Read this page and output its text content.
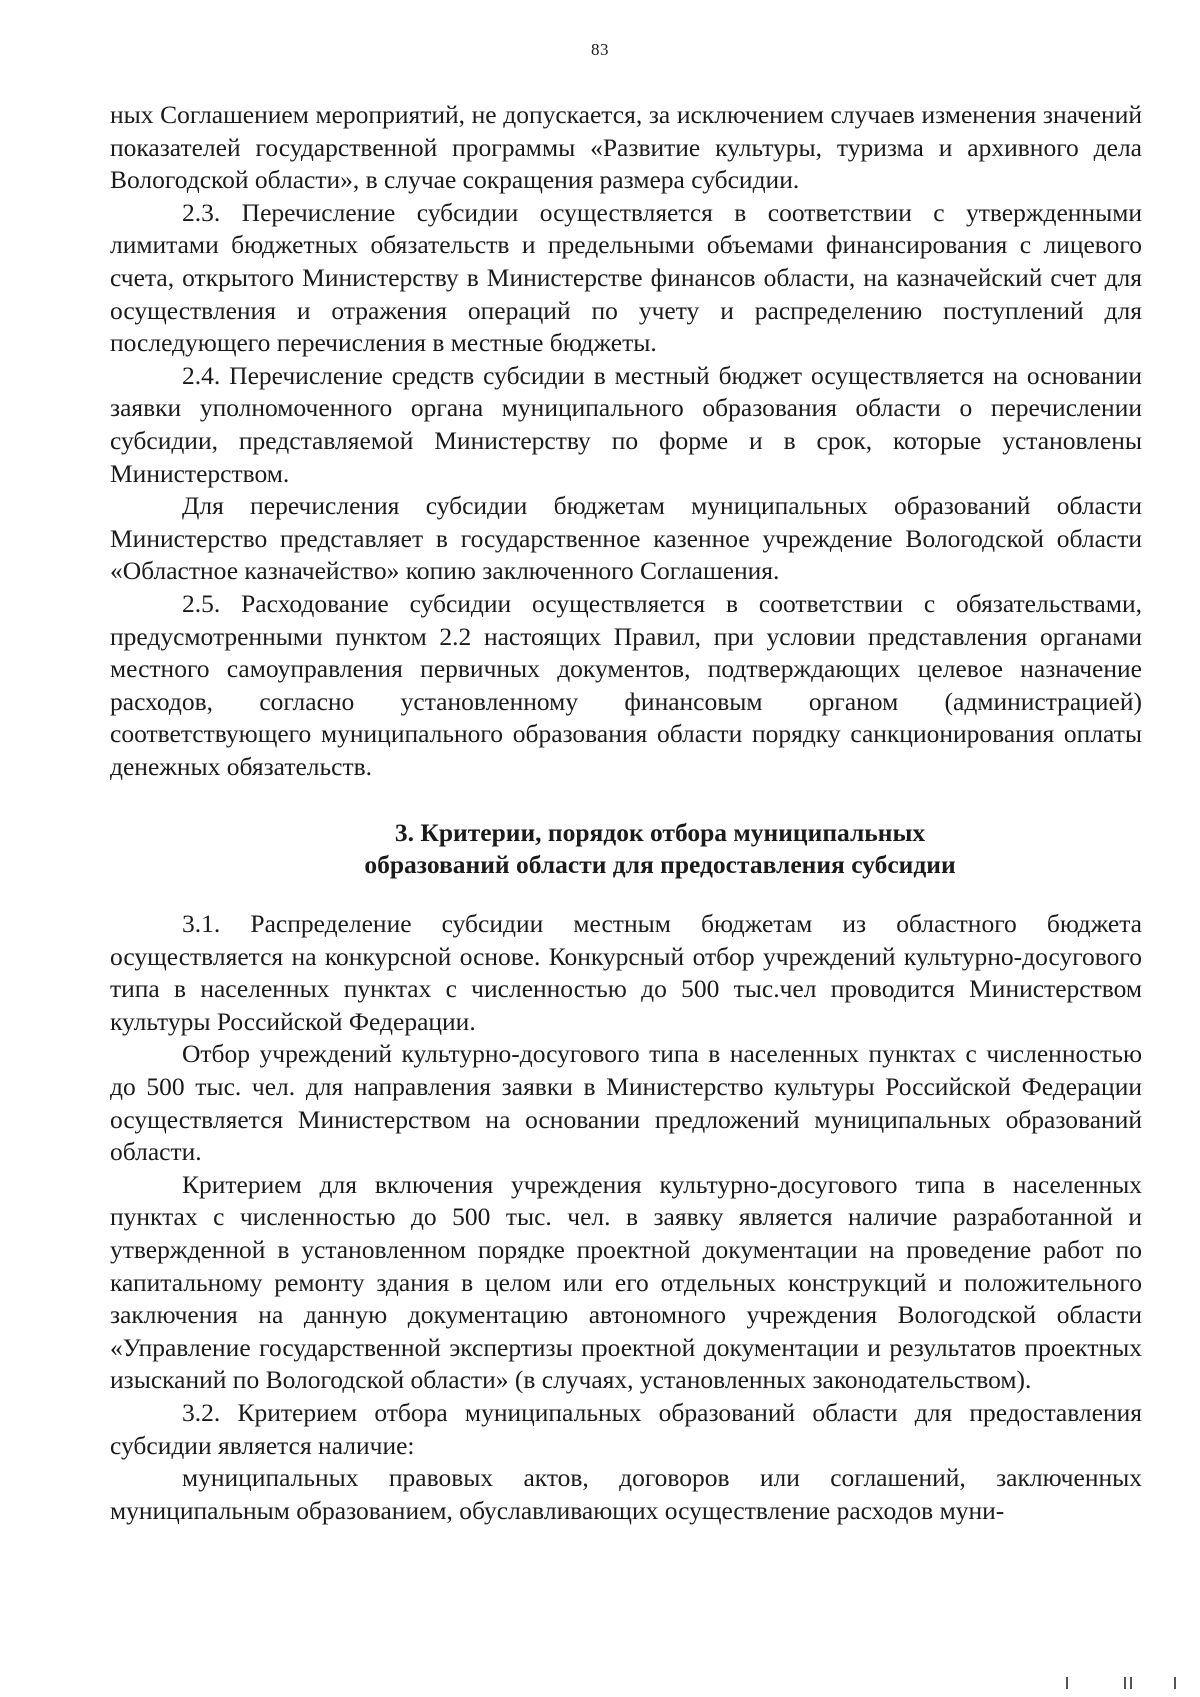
83

ных Соглашением мероприятий, не допускается, за исключением случаев изменения значений показателей государственной программы «Развитие культуры, туризма и архивного дела Вологодской области», в случае сокращения размера субсидии.

2.3. Перечисление субсидии осуществляется в соответствии с утвержденными лимитами бюджетных обязательств и предельными объемами финансирования с лицевого счета, открытого Министерству в Министерстве финансов области, на казначейский счет для осуществления и отражения операций по учету и распределению поступлений для последующего перечисления в местные бюджеты.

2.4. Перечисление средств субсидии в местный бюджет осуществляется на основании заявки уполномоченного органа муниципального образования области о перечислении субсидии, представляемой Министерству по форме и в срок, которые установлены Министерством.

Для перечисления субсидии бюджетам муниципальных образований области Министерство представляет в государственное казенное учреждение Вологодской области «Областное казначейство» копию заключенного Соглашения.

2.5. Расходование субсидии осуществляется в соответствии с обязательствами, предусмотренными пунктом 2.2 настоящих Правил, при условии представления органами местного самоуправления первичных документов, подтверждающих целевое назначение расходов, согласно установленному финансовым органом (администрацией) соответствующего муниципального образования области порядку санкционирования оплаты денежных обязательств.

3. Критерии, порядок отбора муниципальных
образований области для предоставления субсидии

3.1. Распределение субсидии местным бюджетам из областного бюджета осуществляется на конкурсной основе. Конкурсный отбор учреждений культурно-досугового типа в населенных пунктах с численностью до 500 тыс.чел проводится Министерством культуры Российской Федерации.

Отбор учреждений культурно-досугового типа в населенных пунктах с численностью до 500 тыс. чел. для направления заявки в Министерство культуры Российской Федерации осуществляется Министерством на основании предложений муниципальных образований области.

Критерием для включения учреждения культурно-досугового типа в населенных пунктах с численностью до 500 тыс. чел. в заявку является наличие разработанной и утвержденной в установленном порядке проектной документации на проведение работ по капитальному ремонту здания в целом или его отдельных конструкций и положительного заключения на данную документацию автономного учреждения Вологодской области «Управление государственной экспертизы проектной документации и результатов проектных изысканий по Вологодской области» (в случаях, установленных законодательством).

3.2. Критерием отбора муниципальных образований области для предоставления субсидии является наличие:

муниципальных правовых актов, договоров или соглашений, заключенных муниципальным образованием, обуславливающих осуществление расходов муни-
